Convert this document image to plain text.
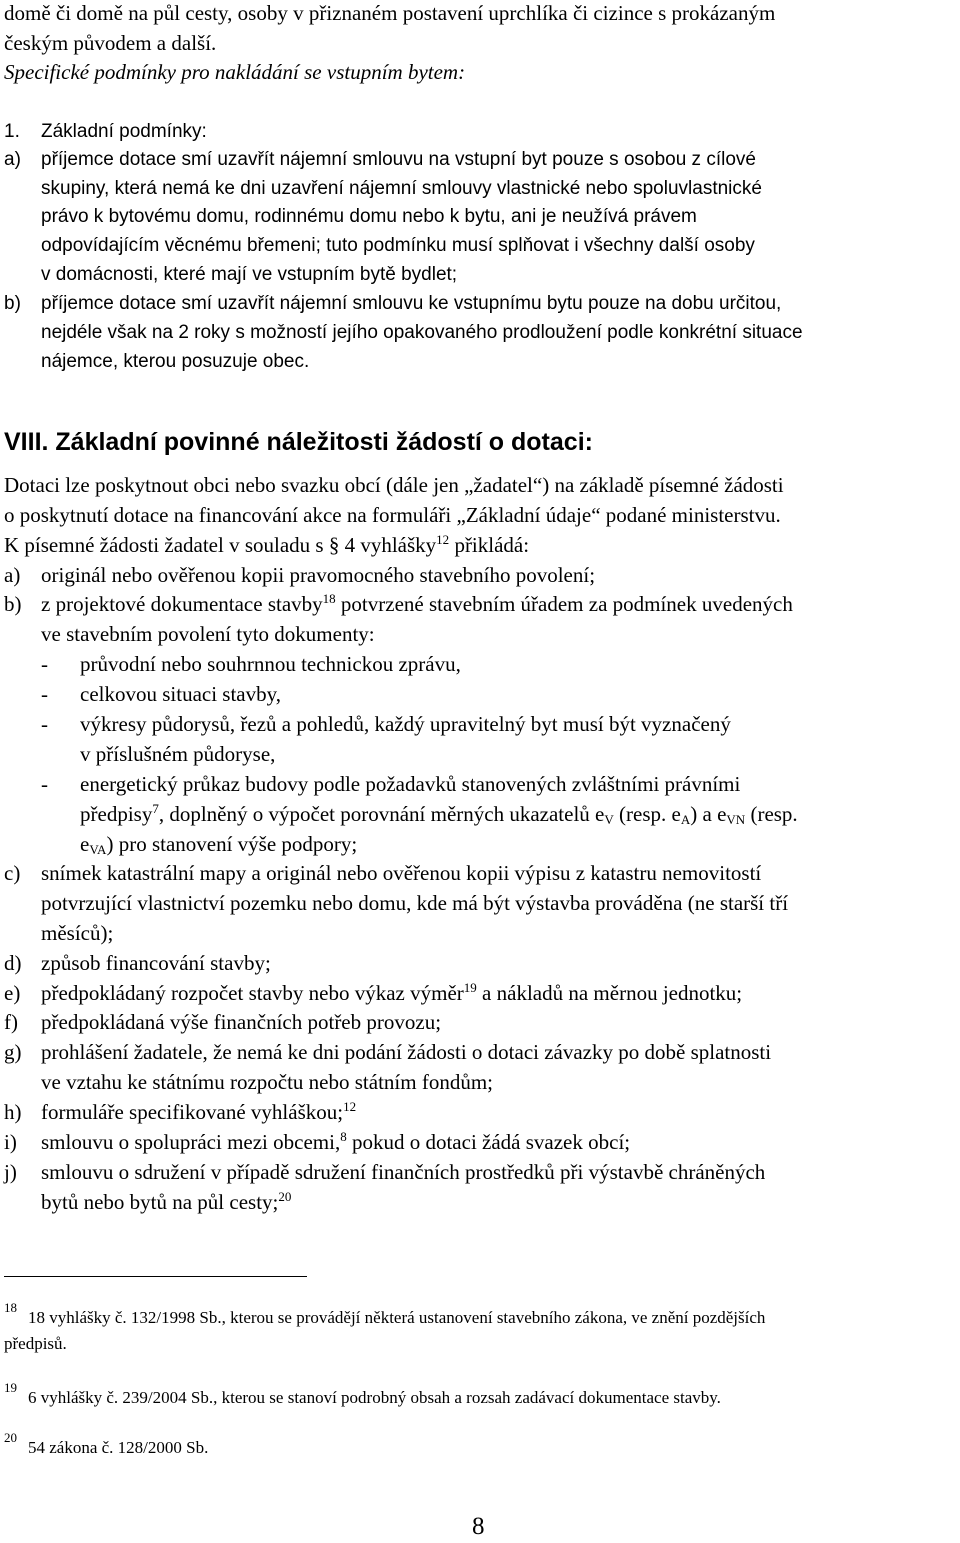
domě či domě na půl cesty, osoby v přiznaném postavení uprchlíka či cizince s prokázaným
českým původem a další.
Specifické podmínky pro nakládání se vstupním bytem:
1. Základní podmínky:
a) příjemce dotace smí uzavřít nájemní smlouvu na vstupní byt pouze s osobou z cílové
skupiny, která nemá ke dni uzavření nájemní smlouvy vlastnické nebo spoluvlastnické
právo k bytovému domu, rodinnému domu nebo k bytu, ani je neužívá právem
odpovídajícím věcnému břemeni; tuto podmínku musí splňovat i všechny další osoby
v domácnosti, které mají ve vstupním bytě bydlet;
b) příjemce dotace smí uzavřít nájemní smlouvu ke vstupnímu bytu pouze na dobu určitou,
nejdéle však na 2 roky s možností jejího opakovaného prodloužení podle konkrétní situace
nájemce, kterou posuzuje obec.
VIII. Základní povinné náležitosti žádostí o dotaci:
Dotaci lze poskytnout obci nebo svazku obcí (dále jen „žadatel“) na základě písemné žádosti
o poskytnutí dotace na financování akce na formuláři „Základní údaje“ podané ministerstvu.
K písemné žádosti žadatel v souladu s § 4 vyhlášky$^{12}$ přikládá:
a) originál nebo ověřenou kopii pravomocného stavebního povolení;
b) z projektové dokumentace stavby$^{18}$ potvrzené stavebním úřadem za podmínek uvedených
ve stavebním povolení tyto dokumenty:
- průvodní nebo souhrnnou technickou zprávu,
- celkovou situaci stavby,
- výkresy půdorysů, řezů a pohledů, každý upravitelný byt musí být vyznačený
v příslušném půdoryse,
- energetický průkaz budovy podle požadavků stanovených zvláštními právními
předpisy$^7$, doplněný o výpočet porovnání měrných ukazatelů $e_V$ (resp. $e_A$) a $e_{VN}$ (resp.
$e_{VA}$) pro stanovení výše podpory;
c) snímek katastrální mapy a originál nebo ověřenou kopii výpisu z katastru nemovitostí
potvrzující vlastnictví pozemku nebo domu, kde má být výstavba prováděna (ne starší tří
měsíců);
d) způsob financování stavby;
e) předpokládaný rozpočet stavby nebo výkaz výměr$^{19}$ a nákladů na měrnou jednotku;
f) předpokládaná výše finančních potřeb provozu;
g) prohlášení žadatele, že nemá ke dni podání žádosti o dotaci závazky po době splatnosti
ve vztahu ke státnímu rozpočtu nebo státním fondům;
h) formuláře specifikované vyhláškou;$^{12}$
i) smlouvu o spolupráci mezi obcemi,$^8$ pokud o dotaci žádá svazek obcí;
j) smlouvu o sdružení v případě sdružení finančních prostředků při výstavbě chráněných
bytů nebo bytů na půl cesty;$^{20}$
18
18 vyhlášky č. 132/1998 Sb., kterou se provádějí některá ustanovení stavebního zákona, ve znění pozdějších
předpisů.
19
6 vyhlášky č. 239/2004 Sb., kterou se stanoví podrobný obsah a rozsah zadávací dokumentace stavby.
20
54 zákona č. 128/2000 Sb.
8
